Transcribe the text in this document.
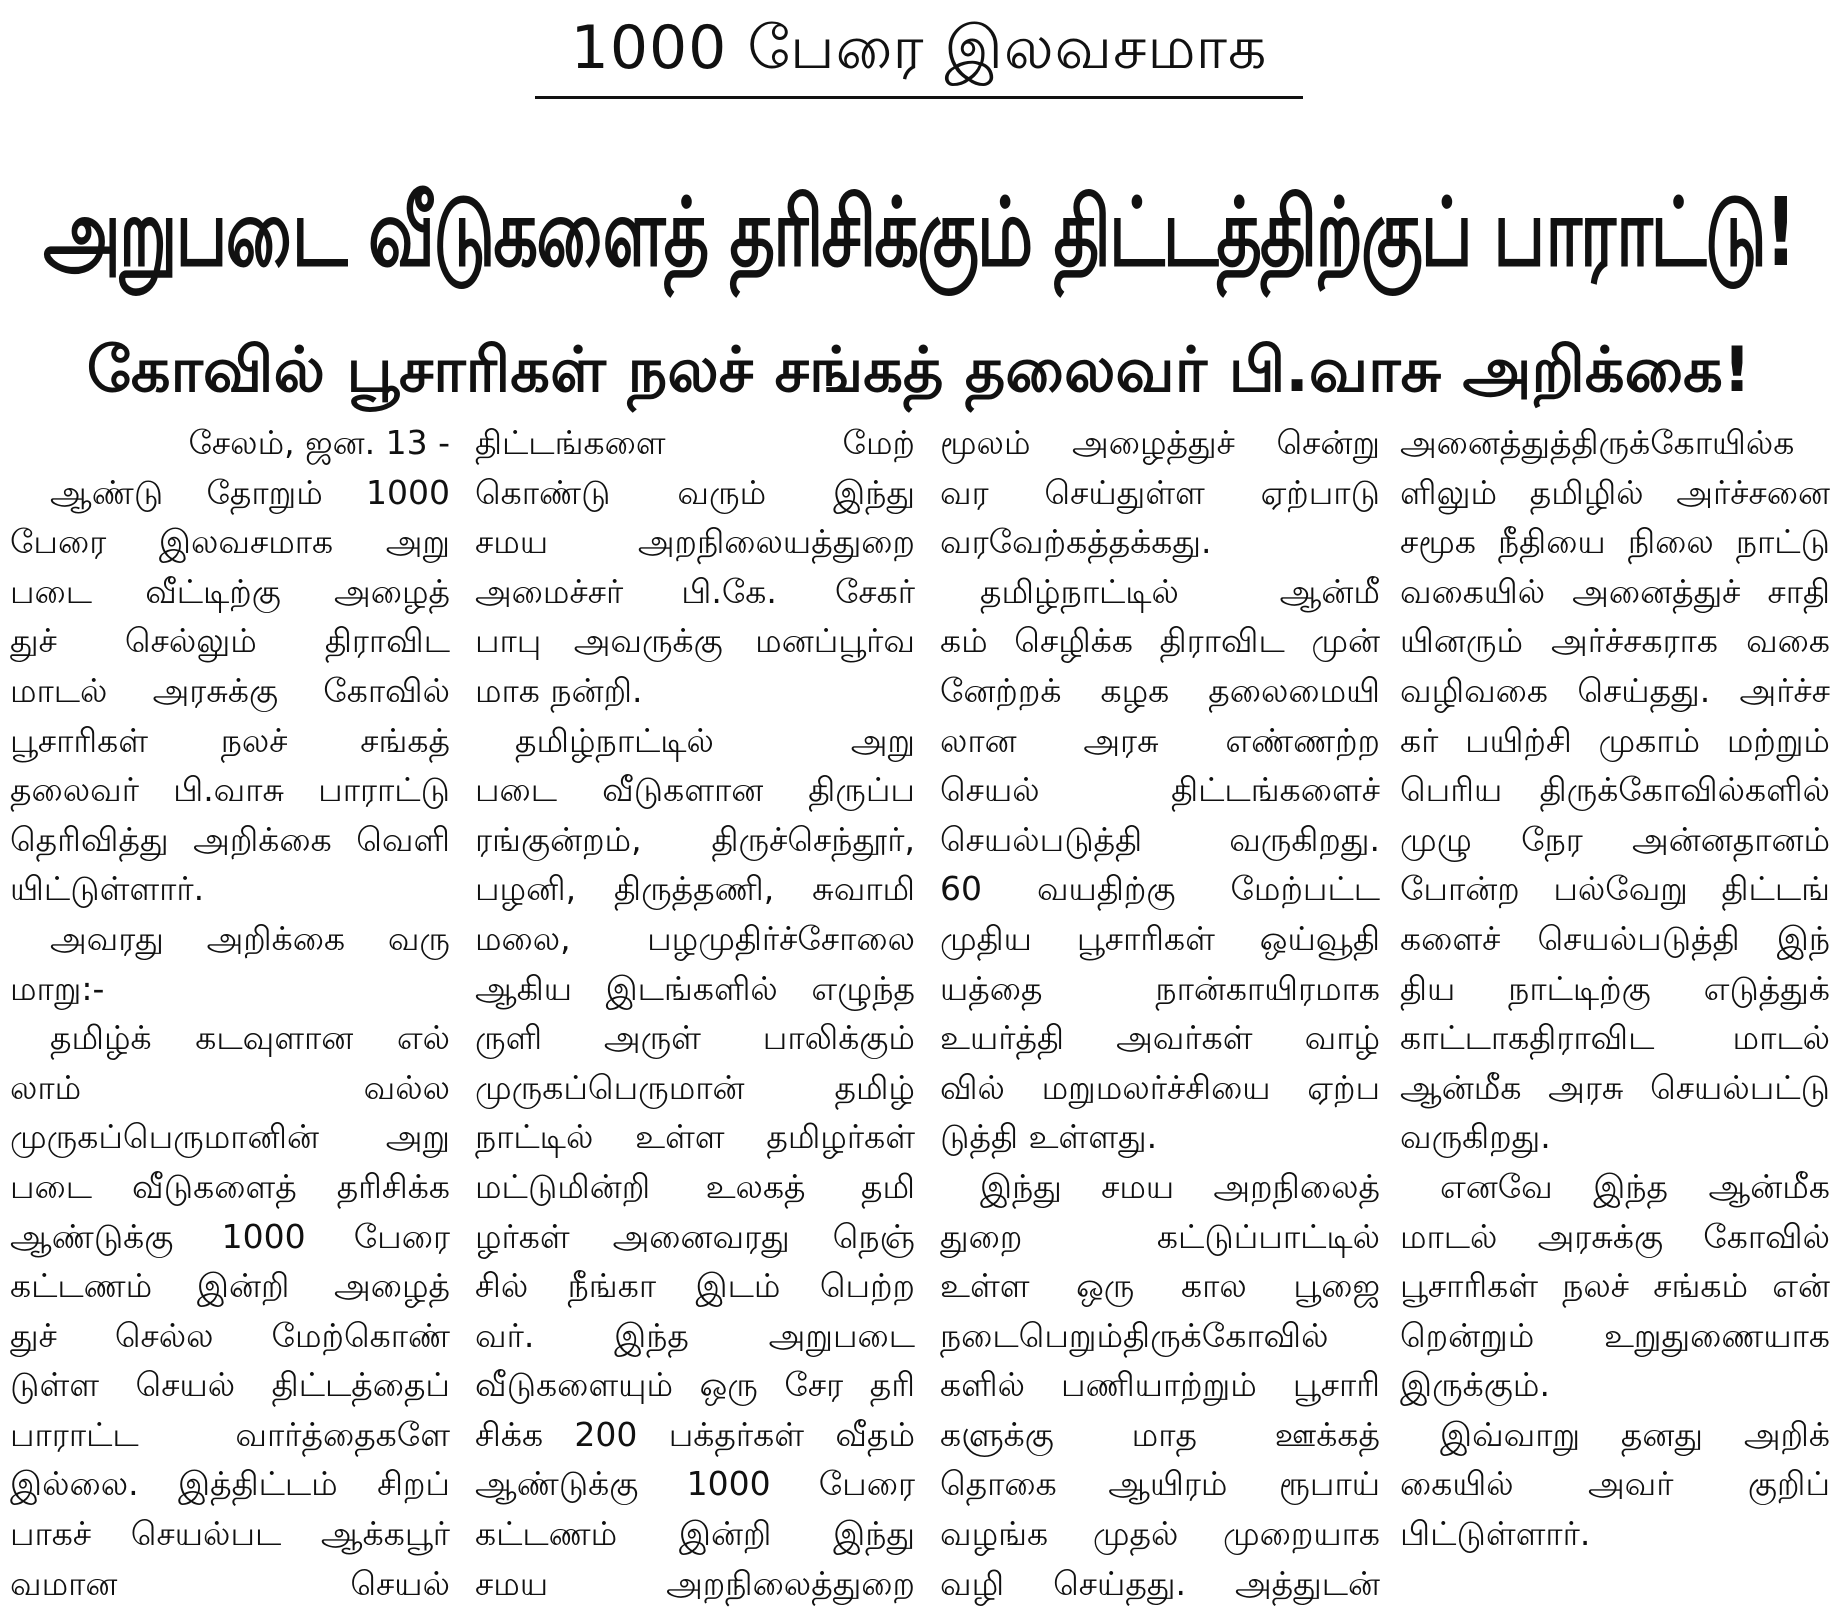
1000 பேரை இலவசமாக
அறுபடை வீடுகளைத் தரிசிக்கும் திட்டத்திற்குப் பாராட்டு!
கோவில் பூசாரிகள் நலச் சங்கத் தலைவர் பி.வாசு அறிக்கை!
சேலம், ஜன. 13 -
ஆண்டு தோறும் 1000
பேரை இலவசமாக அறு
படை வீட்டிற்கு அழைத்
துச் செல்லும் திராவிட
மாடல் அரசுக்கு கோவில்
பூசாரிகள் நலச் சங்கத்
தலைவர் பி.வாசு பாராட்டு
தெரிவித்து அறிக்கை வெளி
யிட்டுள்ளார்.
அவரது அறிக்கை வரு
மாறு:-
தமிழ்க் கடவுளான எல்
லாம் வல்ல
முருகப்பெருமானின் அறு
படை வீடுகளைத் தரிசிக்க
ஆண்டுக்கு 1000 பேரை
கட்டணம் இன்றி அழைத்
துச் செல்ல மேற்கொண்
டுள்ள செயல் திட்டத்தைப்
பாராட்ட வார்த்தைகளே
இல்லை. இத்திட்டம் சிறப்
பாகச் செயல்பட ஆக்கபூர்
வமான செயல்
திட்டங்களை மேற்
கொண்டு வரும் இந்து
சமய அறநிலையத்துறை
அமைச்சர் பி.கே. சேகர்
பாபு அவருக்கு மனப்பூர்வ
மாக நன்றி.
தமிழ்நாட்டில் அறு
படை வீடுகளான திருப்ப
ரங்குன்றம், திருச்செந்தூர்,
பழனி, திருத்தணி, சுவாமி
மலை, பழமுதிர்ச்சோலை
ஆகிய இடங்களில் எழுந்த
ருளி அருள் பாலிக்கும்
முருகப்பெருமான் தமிழ்
நாட்டில் உள்ள தமிழர்கள்
மட்டுமின்றி உலகத் தமி
ழர்கள் அனைவரது நெஞ்
சில் நீங்கா இடம் பெற்ற
வர். இந்த அறுபடை
வீடுகளையும் ஒரு சேர தரி
சிக்க 200 பக்தர்கள் வீதம்
ஆண்டுக்கு 1000 பேரை
கட்டணம் இன்றி இந்து
சமய அறநிலைத்துறை
மூலம் அழைத்துச் சென்று
வர செய்துள்ள ஏற்பாடு
வரவேற்கத்தக்கது.
தமிழ்நாட்டில் ஆன்மீ
கம் செழிக்க திராவிட முன்
னேற்றக் கழக தலைமையி
லான அரசு எண்ணற்ற
செயல் திட்டங்களைச்
செயல்படுத்தி வருகிறது.
60 வயதிற்கு மேற்பட்ட
முதிய பூசாரிகள் ஒய்வூதி
யத்தை நான்காயிரமாக
உயர்த்தி அவர்கள் வாழ்
வில் மறுமலர்ச்சியை ஏற்ப
டுத்தி உள்ளது.
இந்து சமய அறநிலைத்
துறை கட்டுப்பாட்டில்
உள்ள ஒரு கால பூஜை
நடைபெறும்திருக்கோவில்
களில் பணியாற்றும் பூசாரி
களுக்கு மாத ஊக்கத்
தொகை ஆயிரம் ரூபாய்
வழங்க முதல் முறையாக
வழி செய்தது. அத்துடன்
அனைத்துத்திருக்கோயில்க
ளிலும் தமிழில் அர்ச்சனை
சமூக நீதியை நிலை நாட்டு
வகையில் அனைத்துச் சாதி
யினரும் அர்ச்சகராக வகை
வழிவகை செய்தது. அர்ச்ச
கர் பயிற்சி முகாம் மற்றும்
பெரிய திருக்கோவில்களில்
முழு நேர அன்னதானம்
போன்ற பல்வேறு திட்டங்
களைச் செயல்படுத்தி இந்
திய நாட்டிற்கு எடுத்துக்
காட்டாகதிராவிட மாடல்
ஆன்மீக அரசு செயல்பட்டு
வருகிறது.
எனவே இந்த ஆன்மீக
மாடல் அரசுக்கு கோவில்
பூசாரிகள் நலச் சங்கம் என்
றென்றும் உறுதுணையாக
இருக்கும்.
இவ்வாறு தனது அறிக்
கையில் அவர் குறிப்
பிட்டுள்ளார்.
